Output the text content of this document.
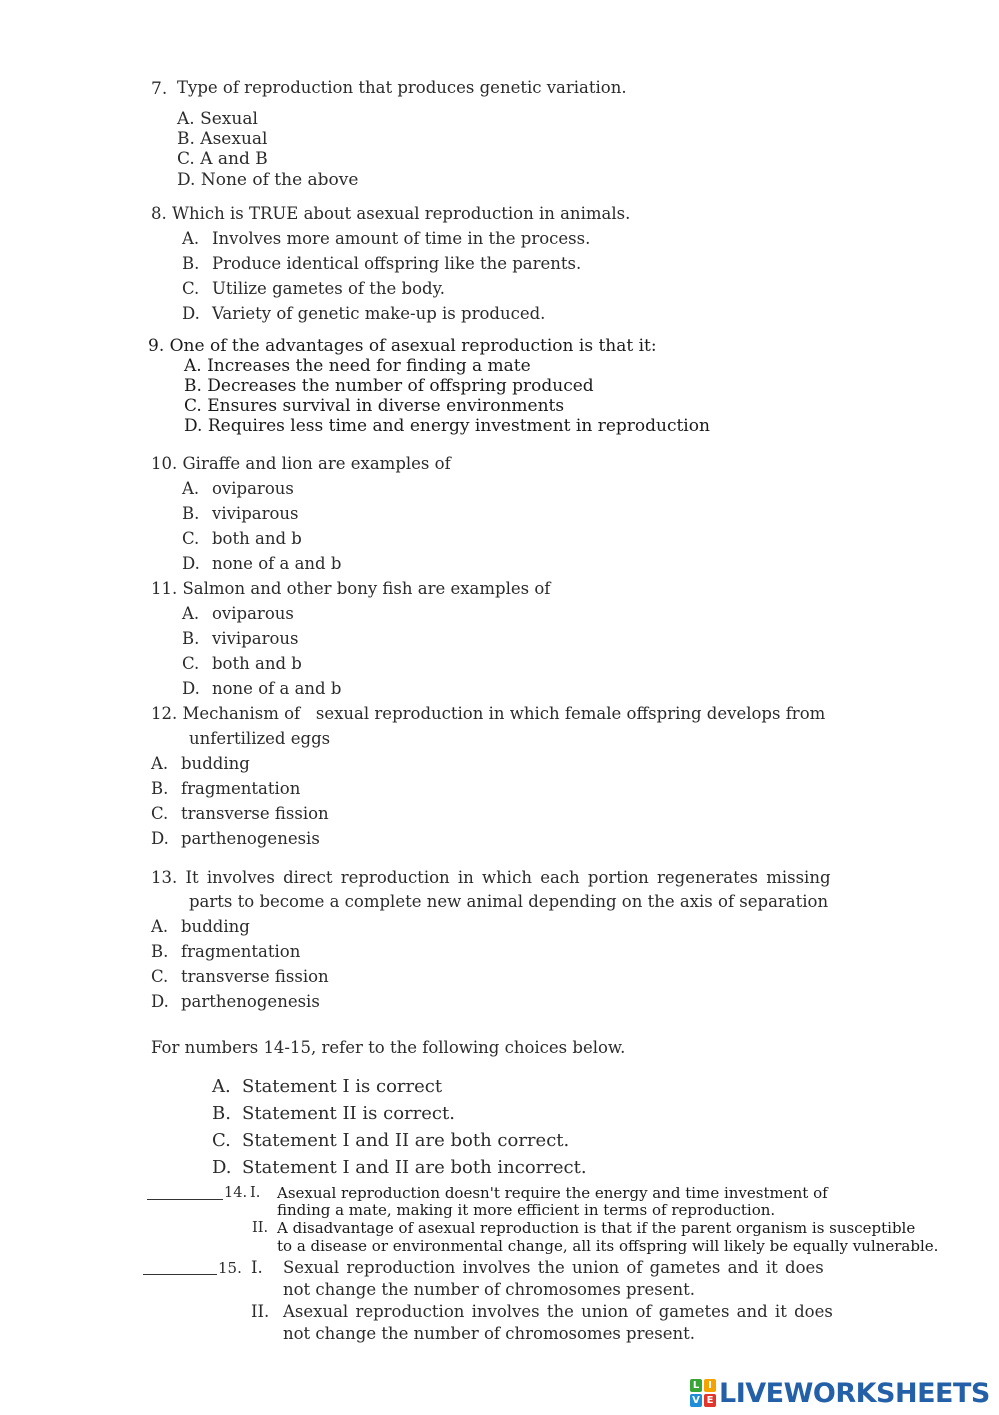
7. Type of reproduction that produces genetic variation.
A. Sexual
B. Asexual
C. A and B
D. None of the above
8. Which is TRUE about asexual reproduction in animals.
A. Involves more amount of time in the process.
B. Produce identical offspring like the parents.
C. Utilize gametes of the body.
D. Variety of genetic make-up is produced.
9. One of the advantages of asexual reproduction is that it:
A. Increases the need for finding a mate
B. Decreases the number of offspring produced
C. Ensures survival in diverse environments
D. Requires less time and energy investment in reproduction
10. Giraffe and lion are examples of
A. oviparous
B. viviparous
C. both and b
D. none of a and b
11. Salmon and other bony fish are examples of
A. oviparous
B. viviparous
C. both and b
D. none of a and b
12. Mechanism of   sexual reproduction in which female offspring develops from
unfertilized eggs
A. budding
B. fragmentation
C. transverse fission
D. parthenogenesis
13. It involves direct reproduction in which each portion regenerates missing
parts to become a complete new animal depending on the axis of separation
A. budding
B. fragmentation
C. transverse fission
D. parthenogenesis
For numbers 14-15, refer to the following choices below.
A. Statement I is correct
B. Statement II is correct.
C. Statement I and II are both correct.
D. Statement I and II are both incorrect.
14. I. Asexual reproduction doesn't require the energy and time investment of
finding a mate, making it more efficient in terms of reproduction.
II. A disadvantage of asexual reproduction is that if the parent organism is susceptible
to a disease or environmental change, all its offspring will likely be equally vulnerable.
15. I. Sexual reproduction involves the union of gametes and it does
not change the number of chromosomes present.
II. Asexual reproduction involves the union of gametes and it does
not change the number of chromosomes present.
L I
V E LIVEWORKSHEETS
